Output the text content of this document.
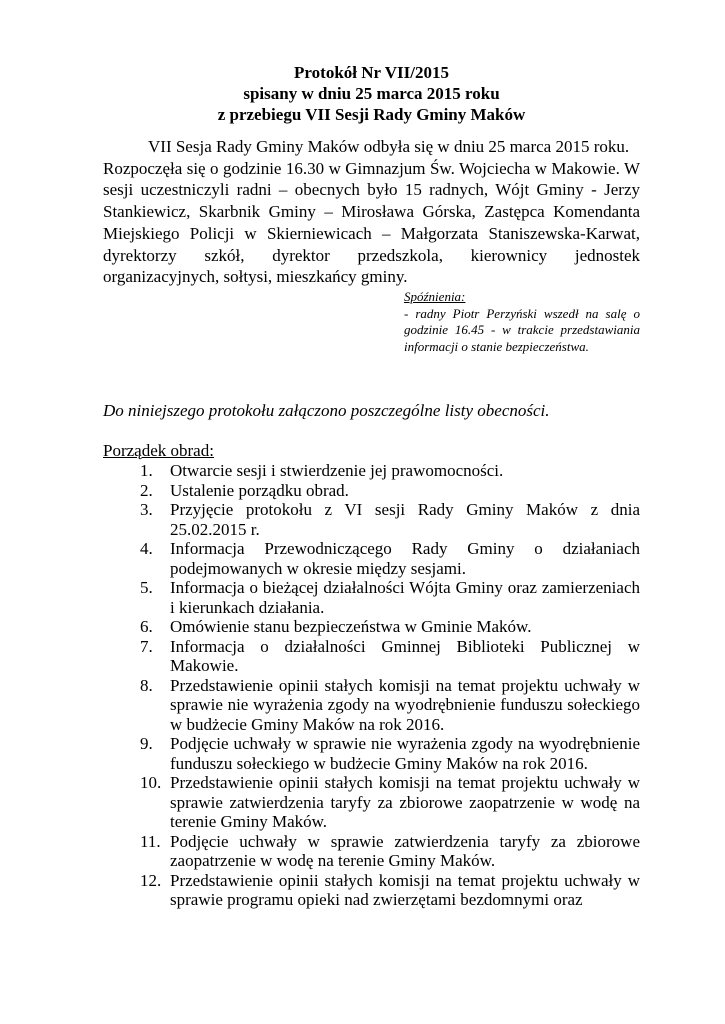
Protokół Nr VII/2015
spisany w dniu 25 marca 2015 roku
z przebiegu VII Sesji Rady Gminy Maków

VII Sesja Rady Gminy Maków odbyła się w dniu 25 marca 2015 roku.
Rozpoczęła się o godzinie 16.30 w Gimnazjum Św. Wojciecha w Makowie. W sesji uczestniczyli radni – obecnych było 15 radnych, Wójt Gminy - Jerzy Stankiewicz, Skarbnik Gminy – Mirosława Górska, Zastępca Komendanta Miejskiego Policji w Skierniewicach – Małgorzata Staniszewska-Karwat, dyrektorzy szkół, dyrektor przedszkola, kierownicy jednostek organizacyjnych, sołtysi, mieszkańcy gminy.

Spóźnienia:
- radny Piotr Perzyński wszedł na salę o godzinie 16.45 - w trakcie przedstawiania informacji o stanie bezpieczeństwa.
Do niniejszego protokołu załączono poszczególne listy obecności.
Porządek obrad:
1.	Otwarcie sesji i stwierdzenie jej prawomocności.
2.	Ustalenie porządku obrad.
3.	Przyjęcie protokołu z VI sesji Rady Gminy Maków z dnia 25.02.2015 r.
4.	Informacja Przewodniczącego Rady Gminy o działaniach podejmowanych w okresie między sesjami.
5.	Informacja o bieżącej działalności Wójta Gminy oraz zamierzeniach i kierunkach działania.
6.	Omówienie stanu bezpieczeństwa w Gminie Maków.
7.	Informacja o działalności Gminnej Biblioteki Publicznej w Makowie.
8.	Przedstawienie opinii stałych komisji na temat projektu uchwały w sprawie nie wyrażenia zgody na wyodrębnienie funduszu sołeckiego w budżecie Gminy Maków na rok 2016.
9.	Podjęcie uchwały w sprawie nie wyrażenia zgody na wyodrębnienie funduszu sołeckiego w budżecie Gminy Maków na rok 2016.
10. Przedstawienie opinii stałych komisji na temat projektu uchwały w sprawie zatwierdzenia taryfy za zbiorowe zaopatrzenie w wodę na terenie Gminy Maków.
11. Podjęcie uchwały w sprawie zatwierdzenia taryfy za zbiorowe zaopatrzenie w wodę na terenie Gminy Maków.
12. Przedstawienie opinii stałych komisji na temat projektu uchwały w sprawie programu opieki nad zwierzętami bezdomnymi oraz
